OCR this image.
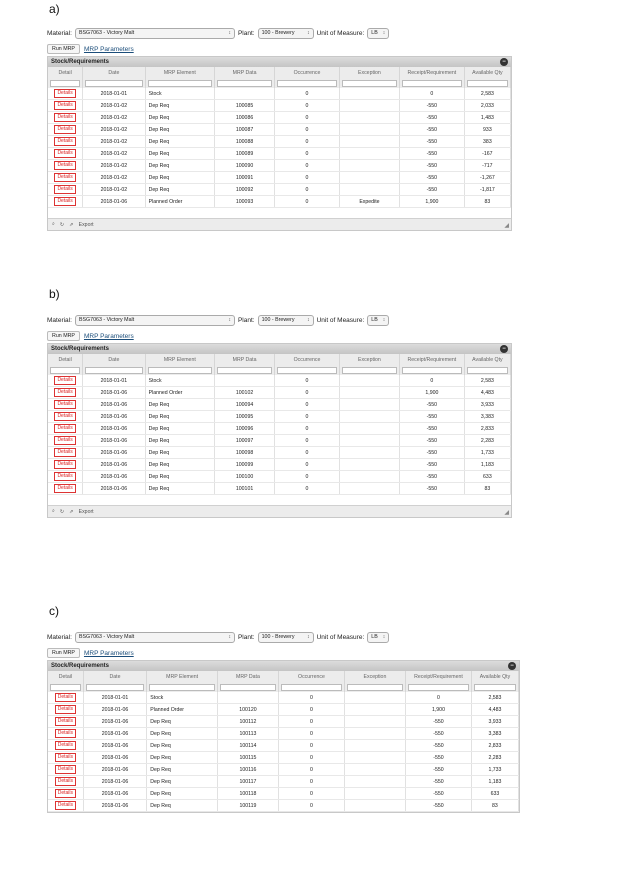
a)
Material: BSG7063 - Victory Malt	↕ Plant: 100 - Brewery	↕ Unit of Measure: LB ↕
Run MRP	MRP Parameters
Stock/Requirements	−
Detail	Date	MRP Element	MRP Data	Occurrence	Exception	Receipt/Requirement	Available Qty

Details	2018-01-01	Stock		0		0	2,583
Details	2018-01-02	Dep Req	100085	0		-550	2,033
Details	2018-01-02	Dep Req	100086	0		-550	1,483
Details	2018-01-02	Dep Req	100087	0		-550	933
Details	2018-01-02	Dep Req	100088	0		-550	383
Details	2018-01-02	Dep Req	100089	0		-550	-167
Details	2018-01-02	Dep Req	100090	0		-550	-717
Details	2018-01-02	Dep Req	100091	0		-550	-1,267
Details	2018-01-02	Dep Req	100092	0		-550	-1,817
Details	2018-01-06	Planned Order	100093	0	Expedite	1,900	83
⌕ ↻ ⇗ Export	◢
b)
Material: BSG7063 - Victory Malt	↕ Plant: 100 - Brewery	↕ Unit of Measure: LB ↕
Run MRP	MRP Parameters
Stock/Requirements	−
Detail	Date	MRP Element	MRP Data	Occurrence	Exception	Receipt/Requirement	Available Qty

Details	2018-01-01	Stock		0		0	2,583
Details	2018-01-06	Planned Order	100102	0		1,900	4,483
Details	2018-01-06	Dep Req	100094	0		-550	3,933
Details	2018-01-06	Dep Req	100095	0		-550	3,383
Details	2018-01-06	Dep Req	100096	0		-550	2,833
Details	2018-01-06	Dep Req	100097	0		-550	2,283
Details	2018-01-06	Dep Req	100098	0		-550	1,733
Details	2018-01-06	Dep Req	100099	0		-550	1,183
Details	2018-01-06	Dep Req	100100	0		-550	633
Details	2018-01-06	Dep Req	100101	0		-550	83
⌕ ↻ ⇗ Export	◢
c)
Material: BSG7063 - Victory Malt	↕ Plant: 100 - Brewery	↕ Unit of Measure: LB ↕
Run MRP	MRP Parameters
Stock/Requirements	−
Detail	Date	MRP Element	MRP Data	Occurrence	Exception	Receipt/Requirement	Available Qty

Details	2018-01-01	Stock		0		0	2,583
Details	2018-01-06	Planned Order	100120	0		1,900	4,483
Details	2018-01-06	Dep Req	100112	0		-550	3,933
Details	2018-01-06	Dep Req	100113	0		-550	3,383
Details	2018-01-06	Dep Req	100114	0		-550	2,833
Details	2018-01-06	Dep Req	100115	0		-550	2,283
Details	2018-01-06	Dep Req	100116	0		-550	1,733
Details	2018-01-06	Dep Req	100117	0		-550	1,183
Details	2018-01-06	Dep Req	100118	0		-550	633
Details	2018-01-06	Dep Req	100119	0		-550	83
